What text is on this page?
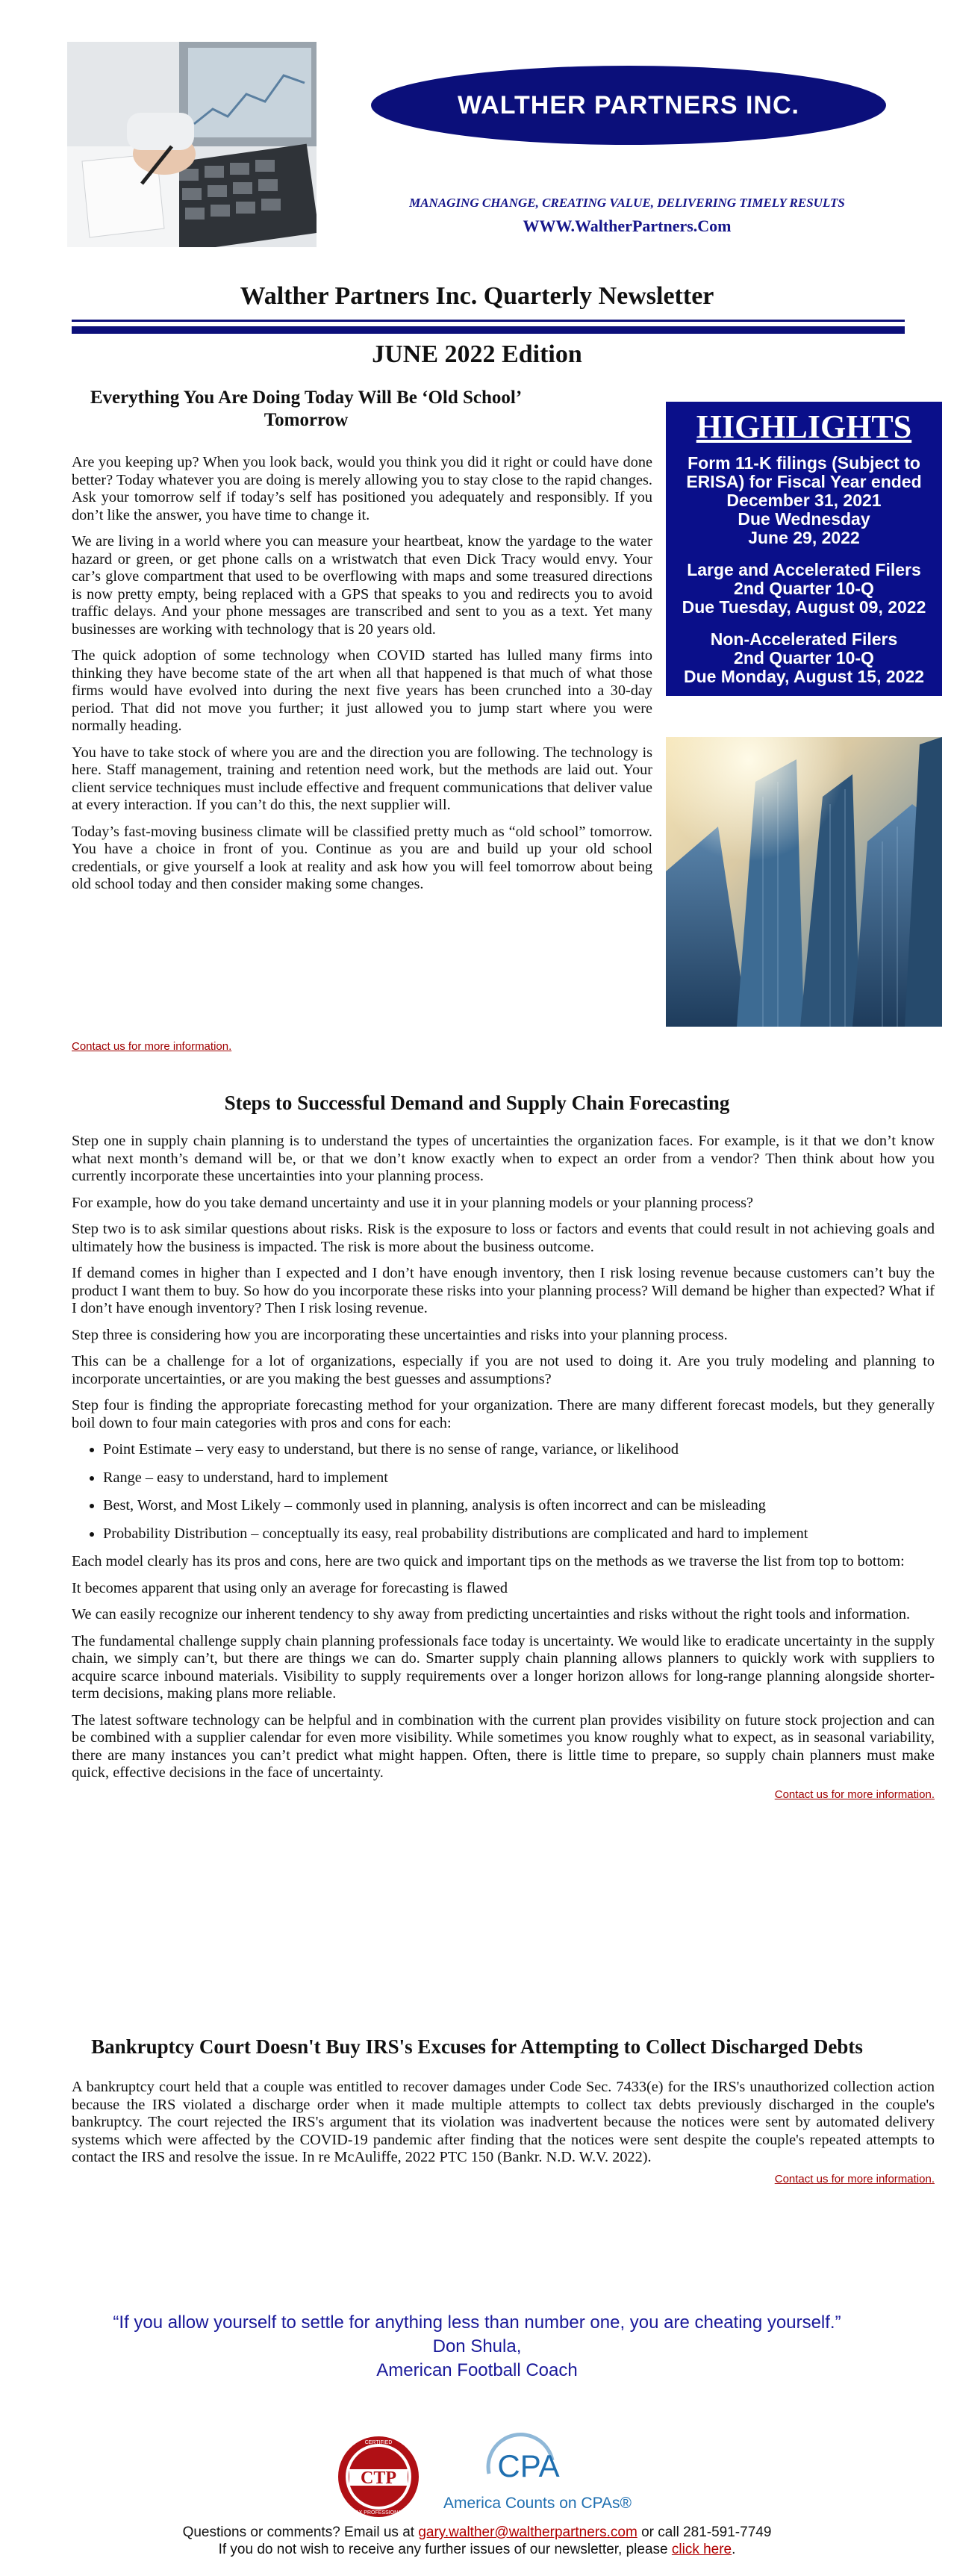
WALTHER PARTNERS INC.
MANAGING CHANGE, CREATING VALUE, DELIVERING TIMELY RESULTS
WWW.WaltherPartners.Com
Walther Partners Inc. Quarterly Newsletter
JUNE 2022 Edition
Everything You Are Doing Today Will Be ‘Old School’ Tomorrow

Are you keeping up? When you look back, would you think you did it right or could have done better? Today whatever you are doing is merely allowing you to stay close to the rapid changes. Ask your tomorrow self if today’s self has positioned you adequately and responsibly. If you don’t like the answer, you have time to change it.

We are living in a world where you can measure your heartbeat, know the yardage to the water hazard or green, or get phone calls on a wristwatch that even Dick Tracy would envy. Your car’s glove compartment that used to be overflowing with maps and some treasured directions is now pretty empty, being replaced with a GPS that speaks to you and redirects you to avoid traffic delays. And your phone messages are transcribed and sent to you as a text. Yet many businesses are working with technology that is 20 years old.

The quick adoption of some technology when COVID started has lulled many firms into thinking they have become state of the art when all that happened is that much of what those firms would have evolved into during the next five years has been crunched into a 30-day period. That did not move you further; it just allowed you to jump start where you were normally heading.

You have to take stock of where you are and the direction you are following. The technology is here. Staff management, training and retention need work, but the methods are laid out. Your client service techniques must include effective and frequent communications that deliver value at every interaction. If you can’t do this, the next supplier will.

Today’s fast-moving business climate will be classified pretty much as “old school” tomorrow. You have a choice in front of you. Continue as you are and build up your old school credentials, or give yourself a look at reality and ask how you will feel tomorrow about being old school today and then consider making some changes.

Contact us for more information.
HIGHLIGHTS
Form 11-K filings (Subject to
ERISA) for Fiscal Year ended
December 31, 2021
Due Wednesday
June 29, 2022
Large and Accelerated Filers
2nd Quarter 10-Q
Due Tuesday, August 09, 2022
Non-Accelerated Filers
2nd Quarter 10-Q
Due Monday, August 15, 2022
Steps to Successful Demand and Supply Chain Forecasting

Step one in supply chain planning is to understand the types of uncertainties the organization faces. For example, is it that we don’t know what next month’s demand will be, or that we don’t know exactly when to expect an order from a vendor? Then think about how you currently incorporate these uncertainties into your planning process.

For example, how do you take demand uncertainty and use it in your planning models or your planning process?

Step two is to ask similar questions about risks. Risk is the exposure to loss or factors and events that could result in not achieving goals and ultimately how the business is impacted. The risk is more about the business outcome.

If demand comes in higher than I expected and I don’t have enough inventory, then I risk losing revenue because customers can’t buy the product I want them to buy. So how do you incorporate these risks into your planning process? Will demand be higher than expected? What if I don’t have enough inventory? Then I risk losing revenue.

Step three is considering how you are incorporating these uncertainties and risks into your planning process.

This can be a challenge for a lot of organizations, especially if you are not used to doing it. Are you truly modeling and planning to incorporate uncertainties, or are you making the best guesses and assumptions?

Step four is finding the appropriate forecasting method for your organization. There are many different forecast models, but they generally boil down to four main categories with pros and cons for each:

• Point Estimate – very easy to understand, but there is no sense of range, variance, or likelihood
• Range – easy to understand, hard to implement
• Best, Worst, and Most Likely – commonly used in planning, analysis is often incorrect and can be misleading
• Probability Distribution – conceptually its easy, real probability distributions are complicated and hard to implement

Each model clearly has its pros and cons, here are two quick and important tips on the methods as we traverse the list from top to bottom:

It becomes apparent that using only an average for forecasting is flawed

We can easily recognize our inherent tendency to shy away from predicting uncertainties and risks without the right tools and information.

The fundamental challenge supply chain planning professionals face today is uncertainty. We would like to eradicate uncertainty in the supply chain, we simply can’t, but there are things we can do. Smarter supply chain planning allows planners to quickly work with suppliers to acquire scarce inbound materials. Visibility to supply requirements over a longer horizon allows for long-range planning alongside shorter-term decisions, making plans more reliable.

The latest software technology can be helpful and in combination with the current plan provides visibility on future stock projection and can be combined with a supplier calendar for even more visibility. While sometimes you know roughly what to expect, as in seasonal variability, there are many instances you can’t predict what might happen. Often, there is little time to prepare, so supply chain planners must make quick, effective decisions in the face of uncertainty.

Contact us for more information.
Bankruptcy Court Doesn't Buy IRS's Excuses for Attempting to Collect Discharged Debts

A bankruptcy court held that a couple was entitled to recover damages under Code Sec. 7433(e) for the IRS's unauthorized collection action because the IRS violated a discharge order when it made multiple attempts to collect tax debts previously discharged in the couple's bankruptcy. The court rejected the IRS's argument that its violation was inadvertent because the notices were sent by automated delivery systems which were affected by the COVID-19 pandemic after finding that the notices were sent despite the couple's repeated attempts to contact the IRS and resolve the issue. In re McAuliffe, 2022 PTC 150 (Bankr. N.D. W.V. 2022).

Contact us for more information.
“If you allow yourself to settle for anything less than number one, you are cheating yourself.”
Don Shula,
American Football Coach
CTP
CERTIFIED
TAX PROFESSIONAL
CPA
America Counts on CPAs®
Questions or comments? Email us at gary.walther@waltherpartners.com or call 281-591-7749
If you do not wish to receive any further issues of our newsletter, please click here.
